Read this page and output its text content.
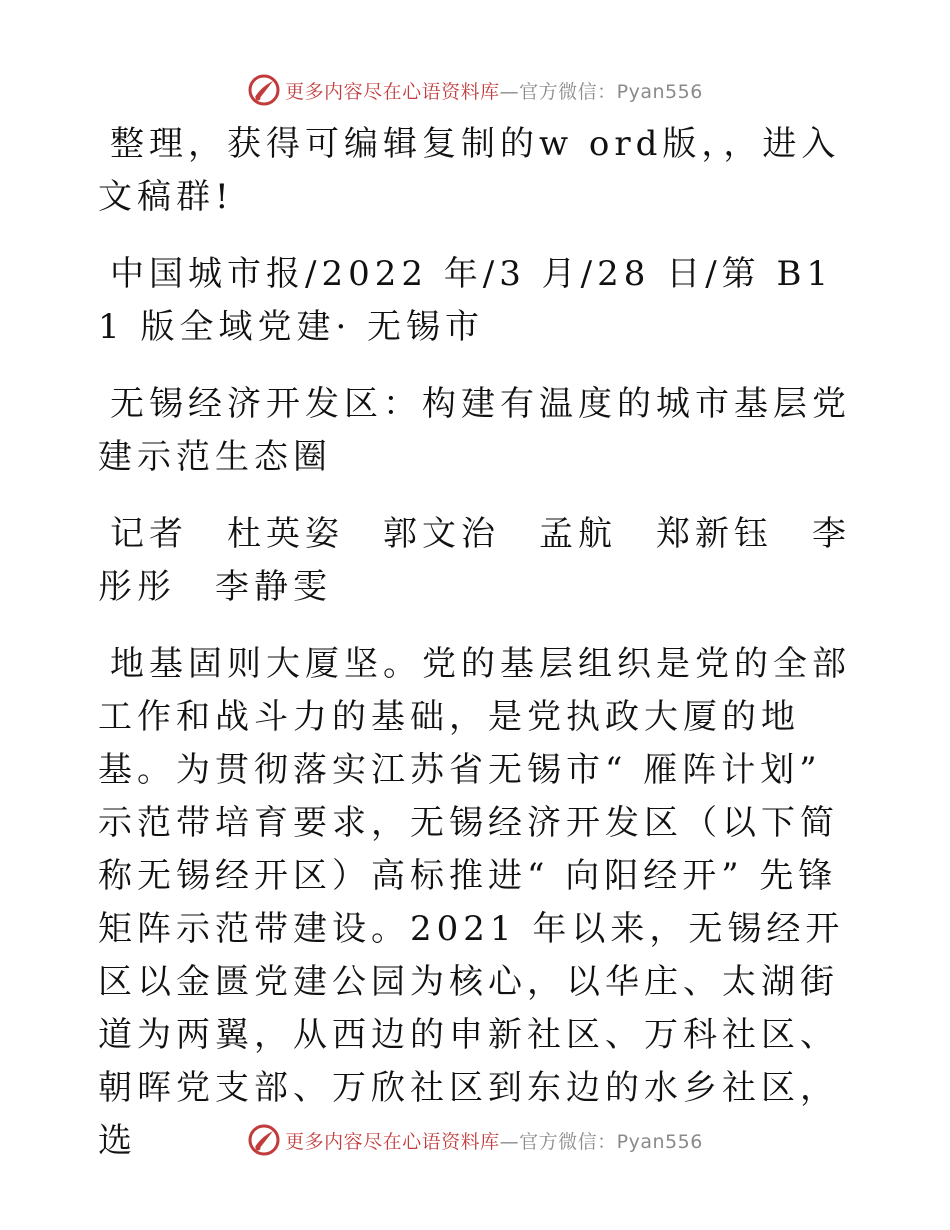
更多内容尽在心语资料库—官方微信：Pyan556

整理，获得可编辑复制的w ord版，，进入文稿群!

中国城市报/2022 年/3 月/28 日/第 B11 版全域党建· 无锡市

无锡经济开发区：构建有温度的城市基层党建示范生态圈

记者　杜英姿　郭文治　孟航　郑新钰　李彤彤　李静雯

地基固则大厦坚。党的基层组织是党的全部工作和战斗力的基础，是党执政大厦的地基。为贯彻落实江苏省无锡市“ 雁阵计划” 示范带培育要求，无锡经济开发区（以下简称无锡经开区）高标推进“ 向阳经开” 先锋矩阵示范带建设。2021 年以来，无锡经开区以金匮党建公园为核心，以华庄、太湖街道为两翼，从西边的申新社区、万科社区、朝晖党支部、万欣社区到东边的水乡社区，选	更多内容尽在心语资料库—官方微信：Pyan556
